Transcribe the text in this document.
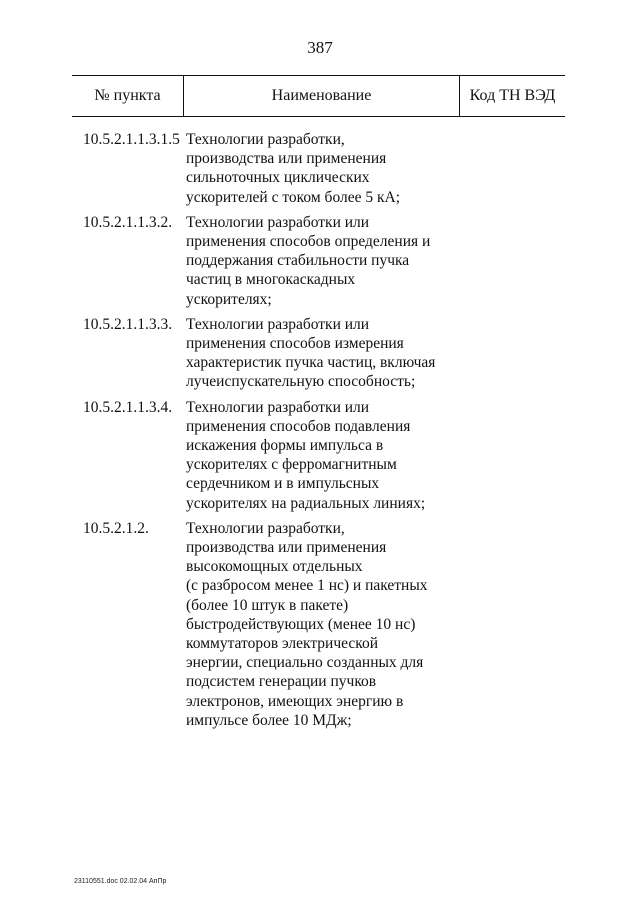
387
№ пункта	Наименование	Код ТН ВЭД
10.5.2.1.1.3.1.5 Технологии разработки,
производства или применения
сильноточных циклических
ускорителей с током более 5 кА;
10.5.2.1.1.3.2. Технологии разработки или
применения способов определения и
поддержания стабильности пучка
частиц в многокаскадных
ускорителях;
10.5.2.1.1.3.3. Технологии разработки или
применения способов измерения
характеристик пучка частиц, включая
лучеиспускательную способность;
10.5.2.1.1.3.4. Технологии разработки или
применения способов подавления
искажения формы импульса в
ускорителях с ферромагнитным
сердечником и в импульсных
ускорителях на радиальных линиях;
10.5.2.1.2.	Технологии разработки,
производства или применения
высокомощных отдельных
(с разбросом менее 1 нс) и пакетных
(более 10 штук в пакете)
быстродействующих (менее 10 нс)
коммутаторов электрической
энергии, специально созданных для
подсистем генерации пучков
электронов, имеющих энергию в
импульсе более 10 МДж;
23110551.doc 02.02.04 АпПр
